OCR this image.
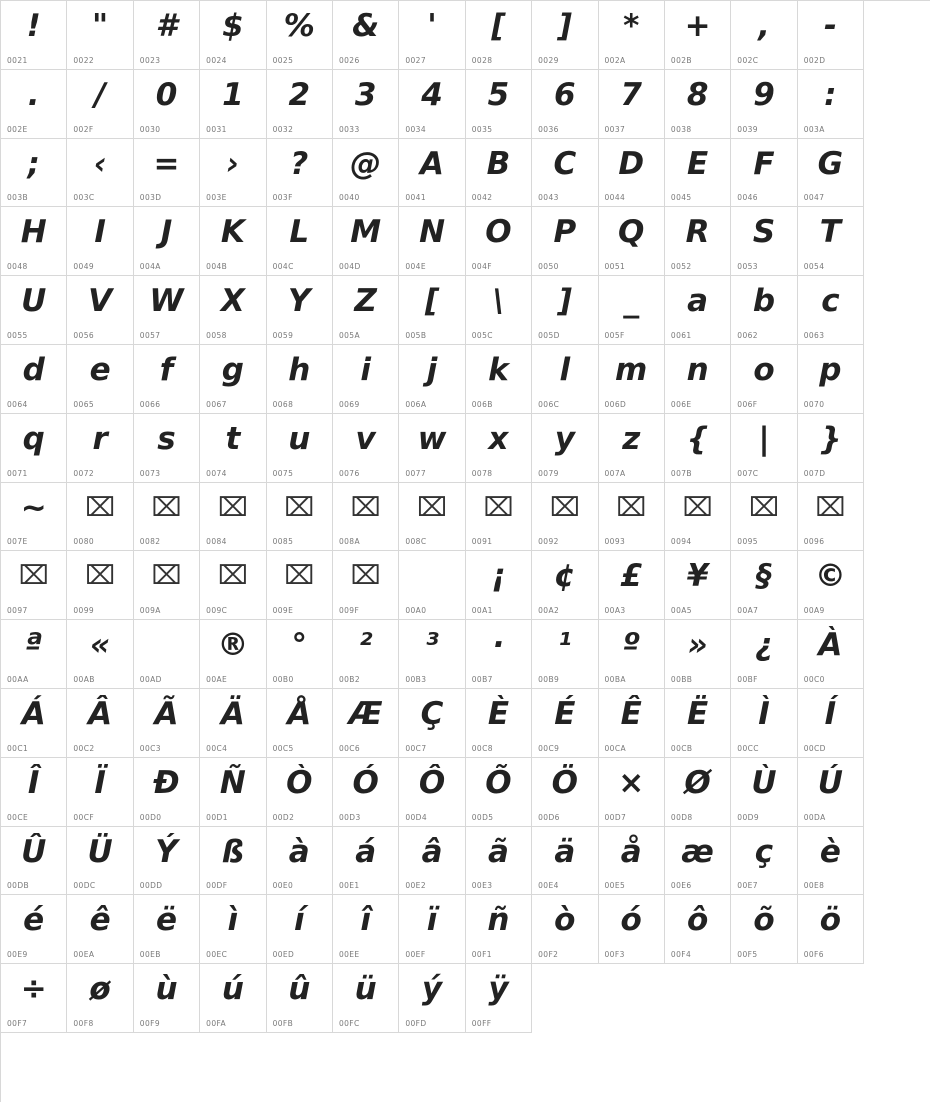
!
0021
"
0022
#
0023
$
0024
%
0025
&
0026
'
0027
[
0028
]
0029
*
002A
+
002B
,
002C
-
002D
.
002E
/
002F
0
0030
1
0031
2
0032
3
0033
4
0034
5
0035
6
0036
7
0037
8
0038
9
0039
:
003A
;
003B
‹
003C
=
003D
›
003E
?
003F
@
0040
A
0041
B
0042
C
0043
D
0044
E
0045
F
0046
G
0047
H
0048
I
0049
J
004A
K
004B
L
004C
M
004D
N
004E
O
004F
P
0050
Q
0051
R
0052
S
0053
T
0054
U
0055
V
0056
W
0057
X
0058
Y
0059
Z
005A
[
005B
\
005C
]
005D
_
005F
a
0061
b
0062
c
0063
d
0064
e
0065
f
0066
g
0067
h
0068
i
0069
j
006A
k
006B
l
006C
m
006D
n
006E
o
006F
p
0070
q
0071
r
0072
s
0073
t
0074
u
0075
v
0076
w
0077
x
0078
y
0079
z
007A
{
007B
|
007C
}
007D
~
007E
⌧
0080
⌧
0082
⌧
0084
⌧
0085
⌧
008A
⌧
008C
⌧
0091
⌧
0092
⌧
0093
⌧
0094
⌧
0095
⌧
0096
⌧
0097
⌧
0099
⌧
009A
⌧
009C
⌧
009E
⌧
009F	00A0
¡
00A1
¢
00A2
£
00A3
¥
00A5
§
00A7
©
00A9
ª
00AA
«
00AB	00AD
®
00AE
°
00B0
²
00B2
³
00B3
·
00B7
¹
00B9
º
00BA
»
00BB
¿
00BF
À
00C0
Á
00C1
Â
00C2
Ã
00C3
Ä
00C4
Å
00C5
Æ
00C6
Ç
00C7
È
00C8
É
00C9
Ê
00CA
Ë
00CB
Ì
00CC
Í
00CD
Î
00CE
Ï
00CF
Ð
00D0
Ñ
00D1
Ò
00D2
Ó
00D3
Ô
00D4
Õ
00D5
Ö
00D6
×
00D7
Ø
00D8
Ù
00D9
Ú
00DA
Û
00DB
Ü
00DC
Ý
00DD
ß
00DF
à
00E0
á
00E1
â
00E2
ã
00E3
ä
00E4
å
00E5
æ
00E6
ç
00E7
è
00E8
é
00E9
ê
00EA
ë
00EB
ì
00EC
í
00ED
î
00EE
ï
00EF
ñ
00F1
ò
00F2
ó
00F3
ô
00F4
õ
00F5
ö
00F6
÷
00F7
ø
00F8
ù
00F9
ú
00FA
û
00FB
ü
00FC
ý
00FD
ÿ
00FF
